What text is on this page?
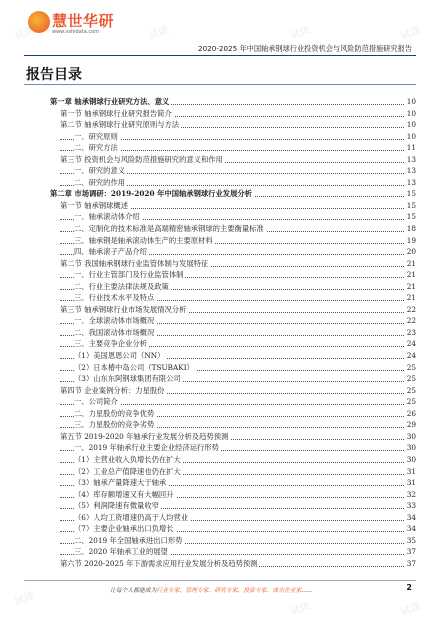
慧世华研
www.vshidata.com
2020-2025 年中国轴承钢球行业投资机会与风险防范措施研究报告
报告目录
第一章 轴承钢球行业研究方法、意义	10
第一节 轴承钢球行业研究报告简介	10
第二节 轴承钢球行业研究原则与方法	10
一、研究原则	10
二、研究方法	11
第三节 投资机会与风险防范措施研究的意义和作用	13
一、研究的意义	13
二、研究的作用	13
第二章 市场调研：2019-2020 年中国轴承钢球行业发展分析	15
第一节 轴承钢球概述	15
一、轴承滚动体介绍	15
二、定制化的技术标准是高端精密轴承钢球的主要衡量标准	18
三、轴承钢是轴承滚动体生产的主要原材料	19
四、轴承滚子产品介绍	20
第二节 我国轴承钢球行业监管体制与发展特征	21
一、行业主管部门及行业监管体制	21
二、行业主要法律法规及政策	21
三、行业技术水平及特点	21
第三节 轴承钢球行业市场发展情况分析	22
一、全球滚动体市场概况	22
二、我国滚动体市场概况	23
三、主要竞争企业分析	24
（1）美国恩恩公司（NN）	24
（2）日本椿中岛公司（TSUBAKI）	25
（3）山东东阿钢球集团有限公司	25
第四节 企业案例分析：力星股份	25
一、公司简介	25
二、力星股份的竞争优势	26
三、力星股份的竞争劣势	29
第五节 2019-2020 年轴承行业发展分析及趋势预测	30
一、2019 年轴承行业主要企业经济运行形势	30
（1）主营业收入负增长仍在扩大	30
（2）工业总产值降速也仍在扩大	31
（3）轴承产量降速大于轴承	31
（4）库存额增速又有大幅回升	32
（5）利润降速有微量收窄	33
（6）人均工资增速仍高于人均营业	34
（7）主要企业轴承出口负增长	34
二、2019 年全国轴承进出口形势	35
三、2020 年轴承工业的展望	37
第六节 2020-2025 年下游需求应用行业发展分析及趋势预测	37
让每个人都能成为行业专家、管理专家、研究专家、投资专家、成功企业家……	2
试读	试读	试读	试读
试读
试读	试读
